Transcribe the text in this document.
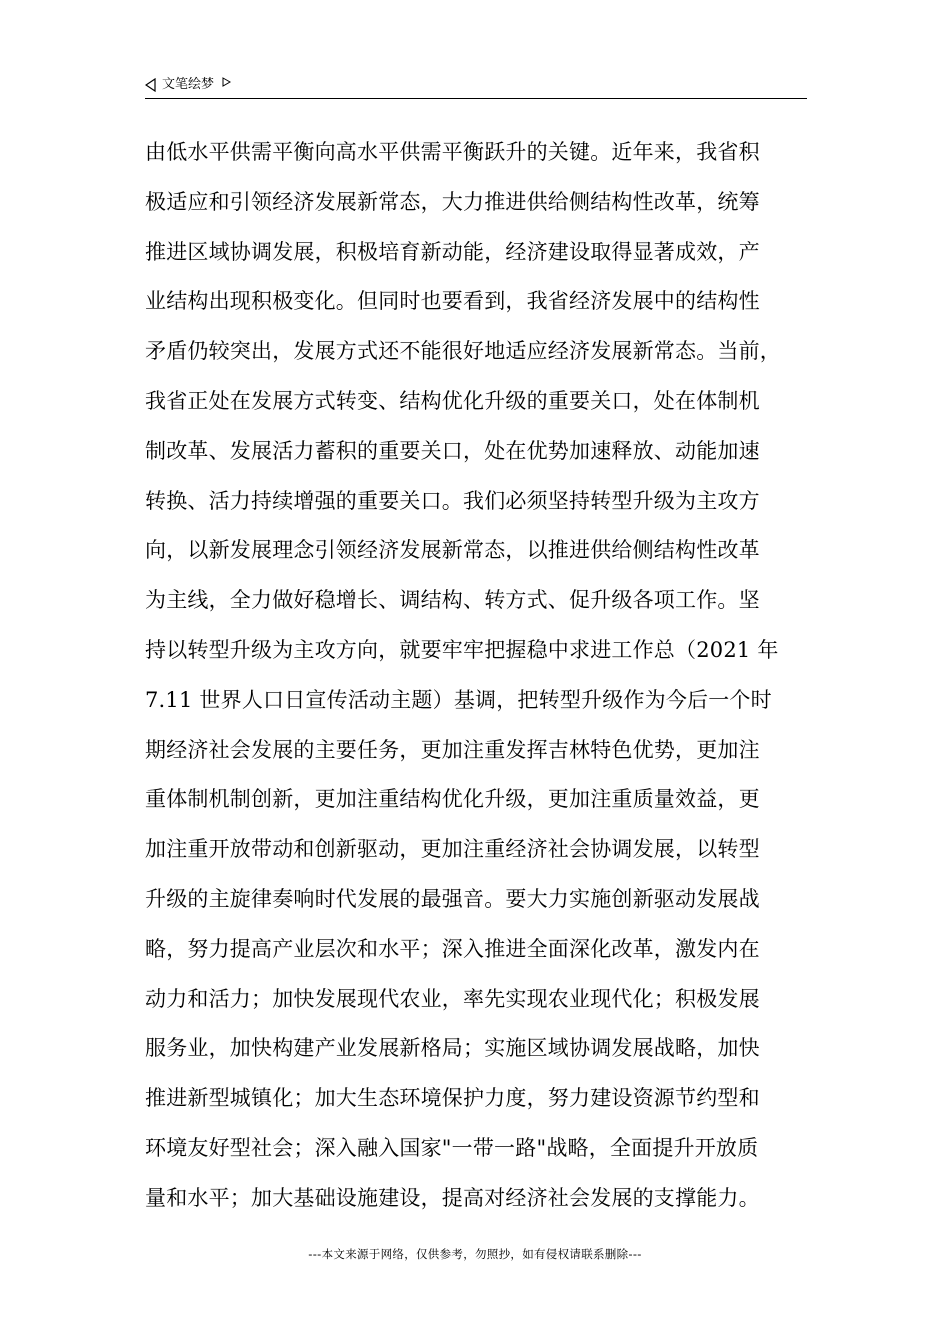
文笔绘梦
由低水平供需平衡向高水平供需平衡跃升的关键。近年来，我省积
极适应和引领经济发展新常态，大力推进供给侧结构性改革，统筹
推进区域协调发展，积极培育新动能，经济建设取得显著成效，产
业结构出现积极变化。但同时也要看到，我省经济发展中的结构性
矛盾仍较突出，发展方式还不能很好地适应经济发展新常态。当前，
我省正处在发展方式转变、结构优化升级的重要关口，处在体制机
制改革、发展活力蓄积的重要关口，处在优势加速释放、动能加速
转换、活力持续增强的重要关口。我们必须坚持转型升级为主攻方
向，以新发展理念引领经济发展新常态，以推进供给侧结构性改革
为主线，全力做好稳增长、调结构、转方式、促升级各项工作。坚
持以转型升级为主攻方向，就要牢牢把握稳中求进工作总（2021 年
7.11 世界人口日宣传活动主题）基调，把转型升级作为今后一个时
期经济社会发展的主要任务，更加注重发挥吉林特色优势，更加注
重体制机制创新，更加注重结构优化升级，更加注重质量效益，更
加注重开放带动和创新驱动，更加注重经济社会协调发展，以转型
升级的主旋律奏响时代发展的最强音。要大力实施创新驱动发展战
略，努力提高产业层次和水平；深入推进全面深化改革，激发内在
动力和活力；加快发展现代农业，率先实现农业现代化；积极发展
服务业，加快构建产业发展新格局；实施区域协调发展战略，加快
推进新型城镇化；加大生态环境保护力度，努力建设资源节约型和
环境友好型社会；深入融入国家"一带一路"战略，全面提升开放质
量和水平；加大基础设施建设，提高对经济社会发展的支撑能力。
---本文来源于网络，仅供参考，勿照抄，如有侵权请联系删除---
